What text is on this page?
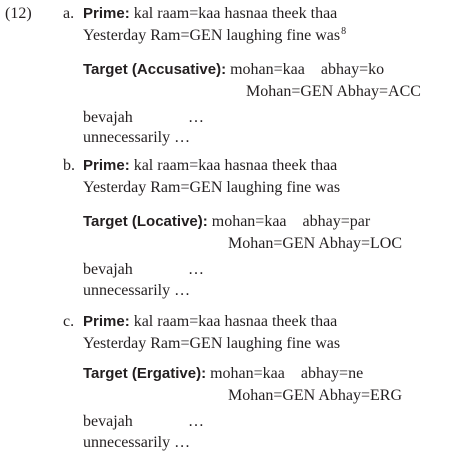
(12) a. Prime: kal raam=kaa hasnaa theek thaa
Yesterday Ram=GEN laughing fine was$^8$
Target (Accusative): mohan=kaa    abhay=ko
Mohan=GEN Abhay=ACC
bevajah	…
unnecessarily …
b. Prime: kal raam=kaa hasnaa theek thaa
Yesterday Ram=GEN laughing fine was
Target (Locative): mohan=kaa    abhay=par
Mohan=GEN Abhay=LOC
bevajah	…
unnecessarily …
c. Prime: kal raam=kaa hasnaa theek thaa
Yesterday Ram=GEN laughing fine was
Target (Ergative): mohan=kaa    abhay=ne
Mohan=GEN Abhay=ERG
bevajah	…
unnecessarily …
